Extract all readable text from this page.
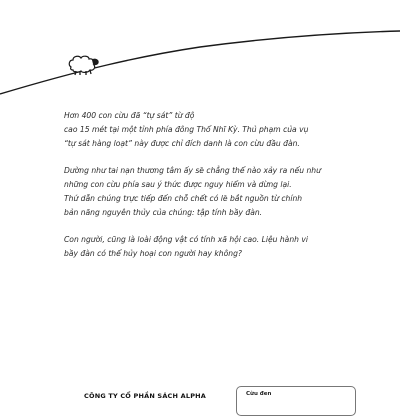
Hơn 400 con cừu đã “tự sát” từ độ
cao 15 mét tại một tỉnh phía đông Thổ Nhĩ Kỳ. Thủ phạm của vụ
“tự sát hàng loạt” này được chỉ đích danh là con cừu đầu đàn.

Dường như tai nạn thương tâm ấy sẽ chẳng thể nào xảy ra nếu như
những con cừu phía sau ý thức được nguy hiểm và dừng lại.
Thứ dẫn chúng trực tiếp đến chỗ chết có lẽ bắt nguồn từ chính
bản năng nguyên thủy của chúng: tập tính bầy đàn.

Con người, cũng là loài động vật có tính xã hội cao. Liệu hành vi
bầy đàn có thể hủy hoại con người hay không?

CÔNG TY CỔ PHẦN SÁCH ALPHA	Cừu đen
